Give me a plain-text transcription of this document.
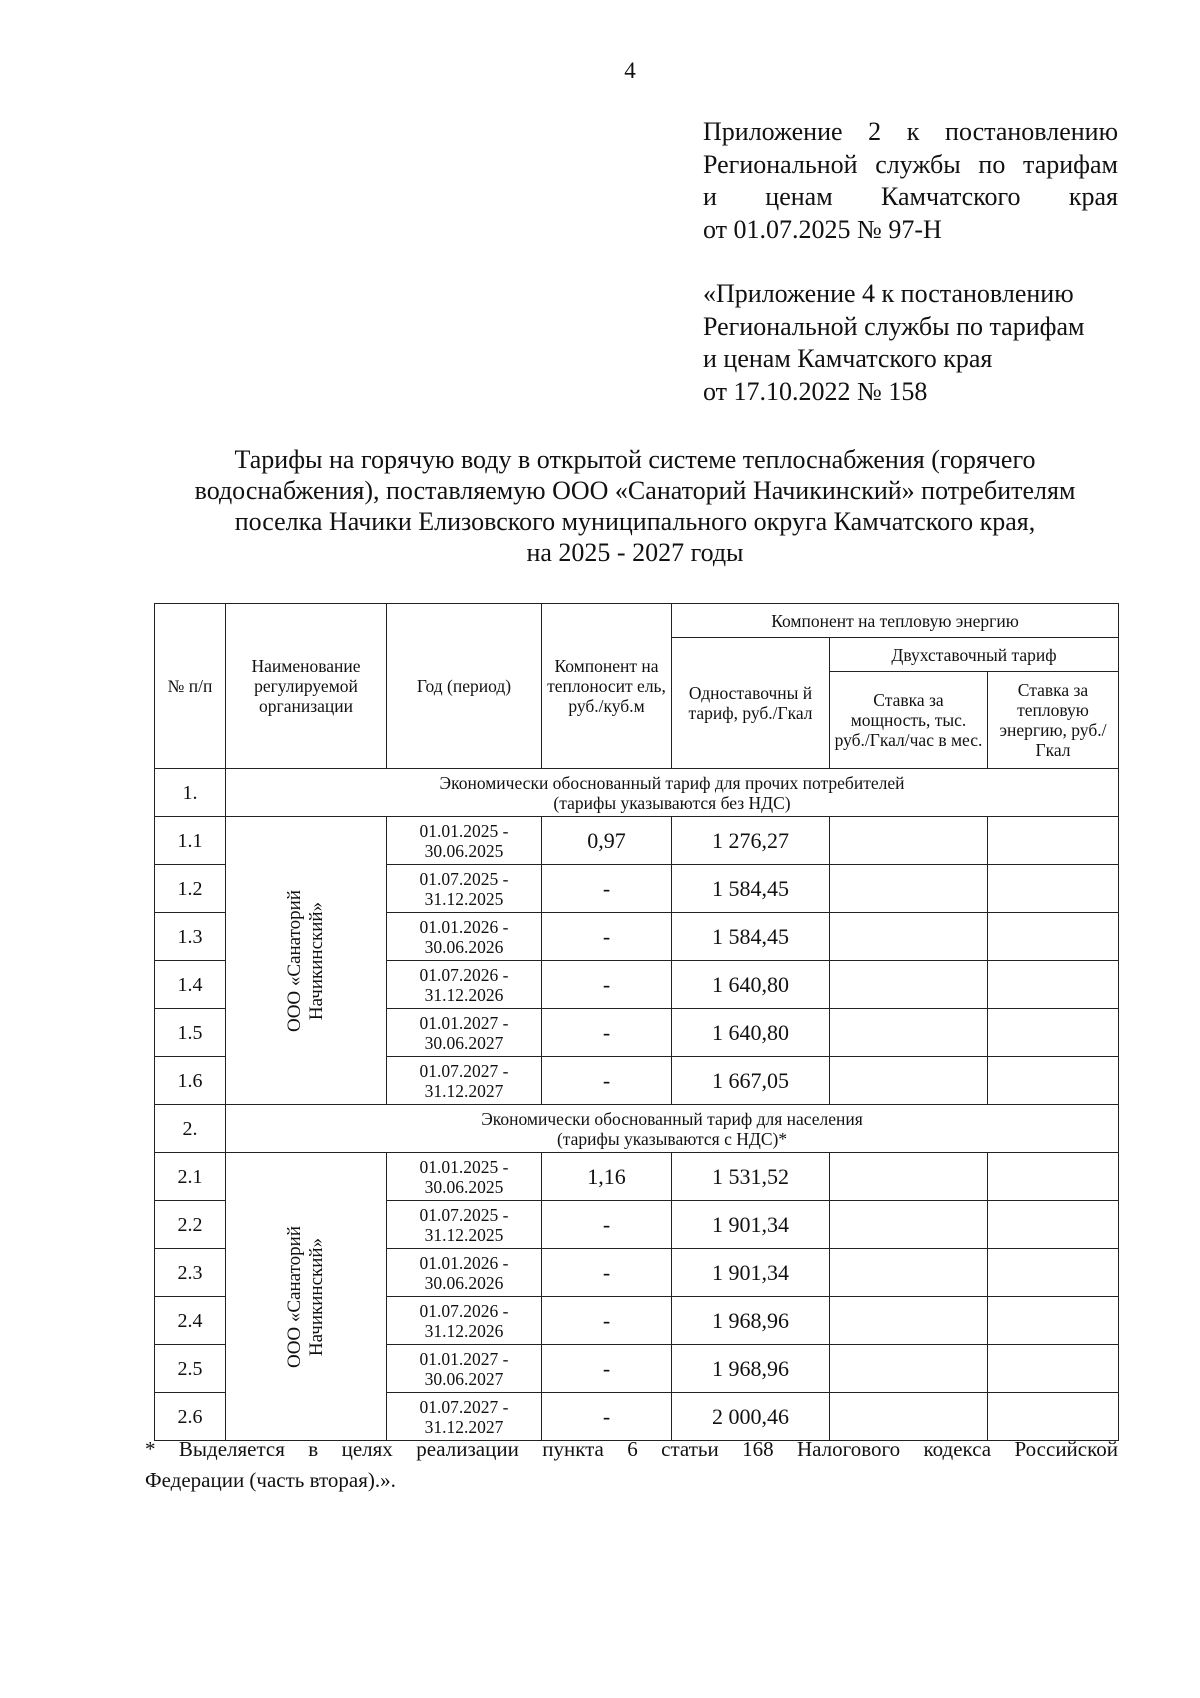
4
Приложение 2 к постановлению
Региональной службы по тарифам
и ценам Камчатского края
от 01.07.2025 № 97-Н
«Приложение 4 к постановлению
Региональной службы по тарифам
и ценам Камчатского края
от 17.10.2022 № 158
Тарифы на горячую воду в открытой системе теплоснабжения (горячего
водоснабжения), поставляемую ООО «Санаторий Начикинский» потребителям
поселка Начики Елизовского муниципального округа Камчатского края,
на 2025 - 2027 годы
№ п/п	Наименование регулируемой организации	Год (период)	Компонент на теплоносит ель, руб./куб.м	Компонент на тепловую энергию		
				Одноставочны й тариф, руб./Гкал	Двухставочный тариф	
					Ставка за мощность, тыс. руб./Гкал/час в мес.	Ставка за тепловую энергию, руб./Гкал
1.	Экономически обоснованный тариф для прочих потребителей
(тарифы указываются без НДС)					

1.1	ООО «Санаторий Начикинский»	01.01.2025 -
30.06.2025	0,97	1 276,27		
1.2		01.07.2025 -
31.12.2025	-	1 584,45		
1.3		01.01.2026 -
30.06.2026	-	1 584,45		
1.4		01.07.2026 -
31.12.2026	-	1 640,80		
1.5		01.01.2027 -
30.06.2027	-	1 640,80		
1.6		01.07.2027 -
31.12.2027	-	1 667,05		
2.	Экономически обоснованный тариф для населения
(тарифы указываются с НДС)*					

2.1	ООО «Санаторий Начикинский»	01.01.2025 -
30.06.2025	1,16	1 531,52		
2.2		01.07.2025 -
31.12.2025	-	1 901,34		
2.3		01.01.2026 -
30.06.2026	-	1 901,34		
2.4		01.07.2026 -
31.12.2026	-	1 968,96		
2.5		01.01.2027 -
30.06.2027	-	1 968,96		
2.6		01.07.2027 -
31.12.2027	-	2 000,46		
* Выделяется в целях реализации пункта 6 статьи 168 Налогового кодекса Российской
Федерации (часть вторая).».
